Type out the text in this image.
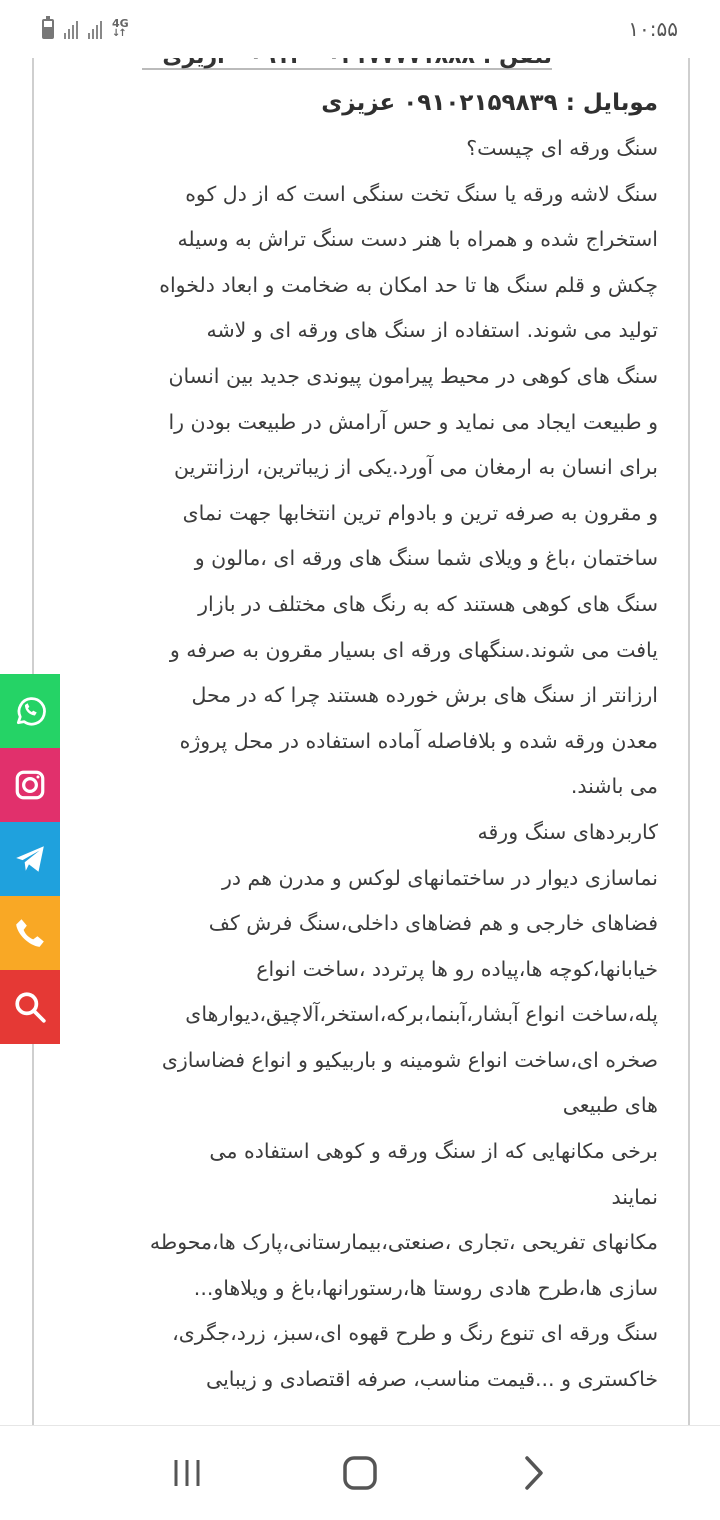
4G
↓↑	۱۰:۵۵
موبایل : ۰۹۱۰۲۱۵۹۸۳۹ عزیزی
سنگ ورقه ای چیست؟
سنگ لاشه ورقه یا سنگ تخت سنگی است که از دل کوه
استخراج شده و همراه با هنر دست سنگ تراش به وسیله
چکش و قلم سنگ ها تا حد امکان به ضخامت و ابعاد دلخواه
تولید می شوند. استفاده از سنگ های ورقه ای و لاشه
سنگ های کوهی در محیط پیرامون پیوندی جدید بین انسان
و طبیعت ایجاد می نماید و حس آرامش در طبیعت بودن را
برای انسان به ارمغان می آورد.یکی از زیباترین، ارزانترین
و مقرون به صرفه ترین و بادوام ترین انتخابها جهت نمای
ساختمان ،باغ و ویلای شما سنگ های ورقه ای ،مالون و
سنگ های کوهی هستند که به رنگ های مختلف در بازار
یافت می شوند.سنگهای ورقه ای بسیار مقرون به صرفه و
ارزانتر از سنگ های برش خورده هستند چرا که در محل
معدن ورقه شده و بلافاصله آماده استفاده در محل پروژه
می باشند.
کاربردهای سنگ ورقه
نماسازی دیوار در ساختمانهای لوکس و مدرن هم در
فضاهای خارجی و هم فضاهای داخلی،سنگ فرش کف
خیابانها،کوچه ها،پیاده رو ها پرتردد ،ساخت انواع
پله،ساخت انواع آبشار،آبنما،برکه،استخر،آلاچیق،دیوارهای
صخره ای،ساخت انواع شومینه و باربیکیو و انواع فضاسازی
های طبیعی
برخی مکانهایی که از سنگ ورقه و کوهی استفاده می
نمایند
مکانهای تفریحی ،تجاری ،صنعتی،بیمارستانی،پارک ها،محوطه
سازی ها،طرح هادی روستا ها،رستورانها،باغ و ویلاهاو...
سنگ ورقه ای تنوع رنگ و طرح قهوه ای،سبز، زرد،جگری،
خاکستری و ...قیمت مناسب، صرفه اقتصادی و زیبایی
